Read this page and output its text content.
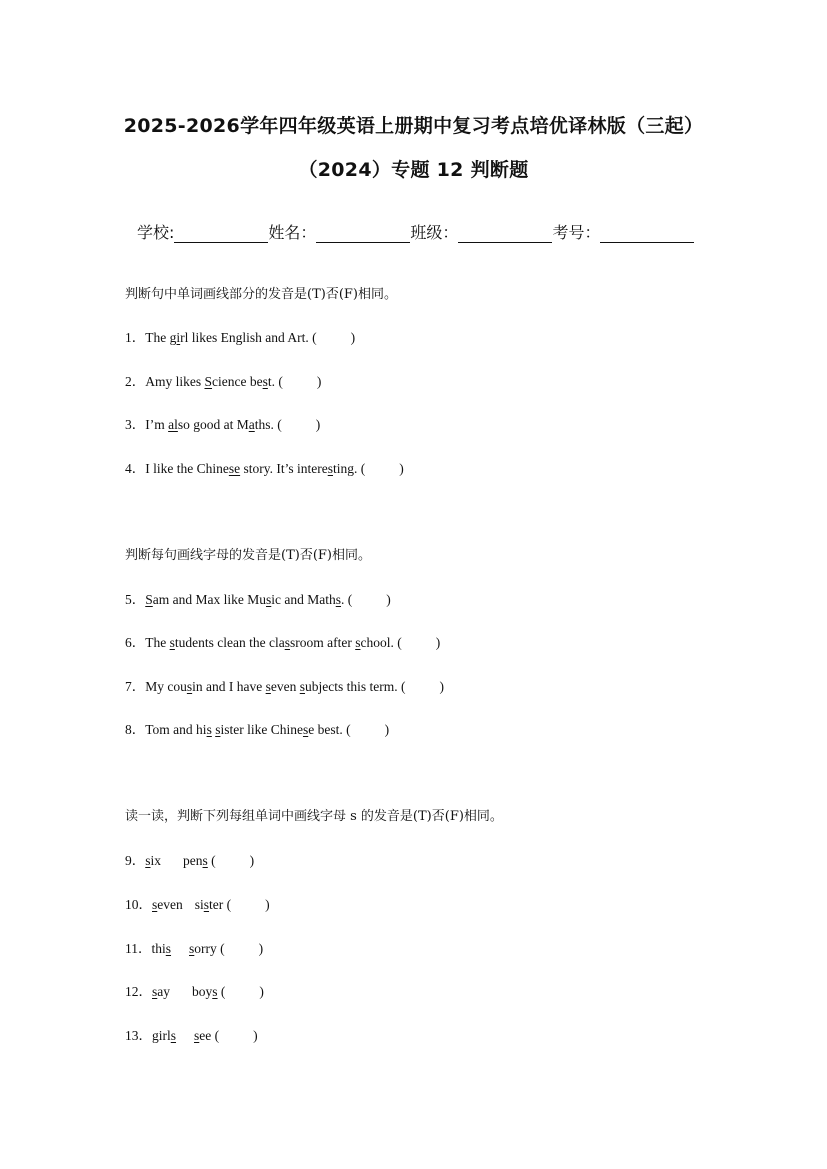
2025-2026学年四年级英语上册期中复习考点培优译林版（三起）
（2024）专题 12 判断题
学校:	姓名：	班级：	考号：
判断句中单词画线部分的发音是(T)否(F)相同。
1．The girl likes English and Art. (	)
2．Amy likes Science best. (	)
3．I’m also good at Maths. (	)
4．I like the Chinese story. It’s interesting. (	)
判断每句画线字母的发音是(T)否(F)相同。
5．Sam and Max like Music and Maths. (	)
6．The students clean the classroom after school. (	)
7．My cousin and I have seven subjects this term. (	)
8．Tom and his sister like Chinese best. (	)
读一读，判断下列每组单词中画线字母 s 的发音是(T)否(F)相同。
9．six pens (	)
10．seven sister (	)
11．this sorry (	)
12．say boys (	)
13．girls see (	)
